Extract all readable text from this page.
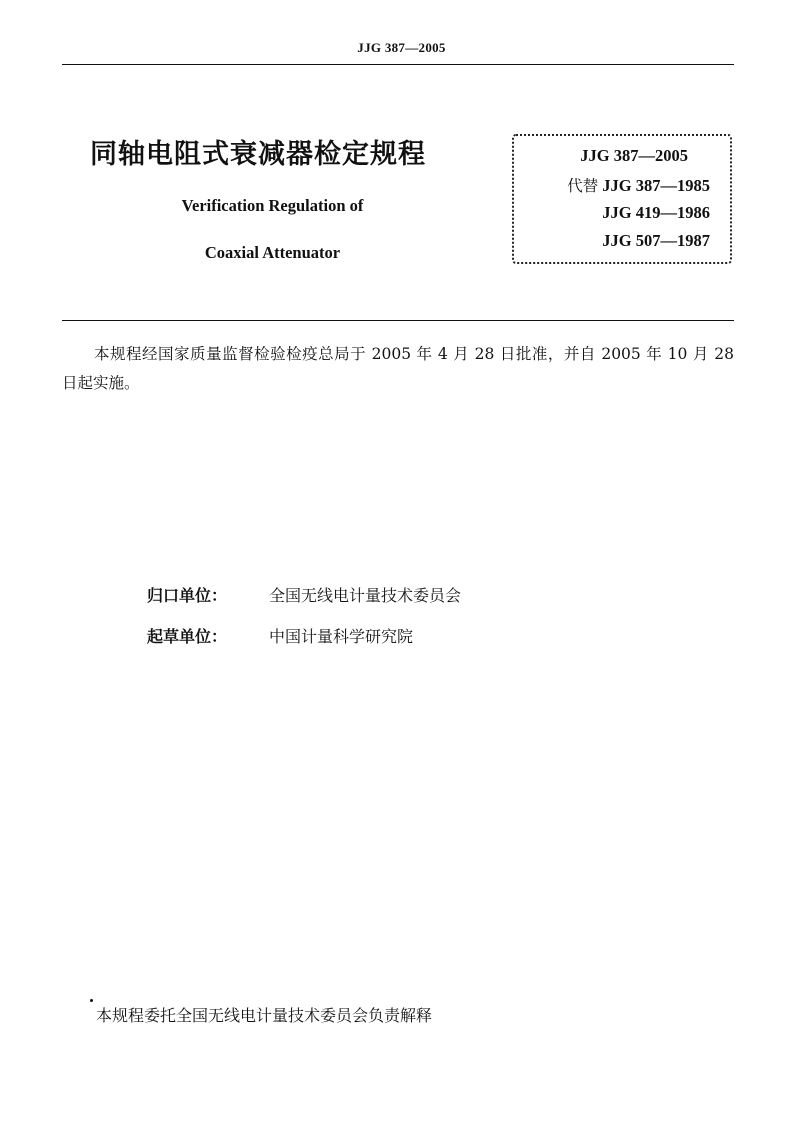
JJG 387—2005
同轴电阻式衰减器检定规程
Verification Regulation of
Coaxial Attenuator
JJG 387—2005
代替 JJG 387—1985
JJG 419—1986
JJG 507—1987
本规程经国家质量监督检验检疫总局于 2005 年 4 月 28 日批准，并自 2005 年 10 月 28 日起实施。
归口单位：	全国无线电计量技术委员会
起草单位：	中国计量科学研究院
本规程委托全国无线电计量技术委员会负责解释
